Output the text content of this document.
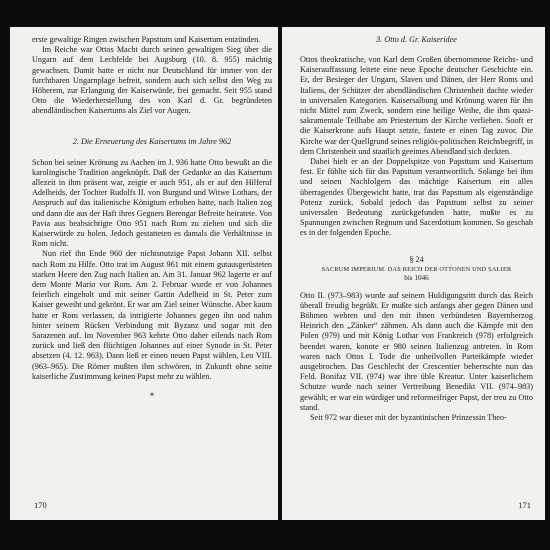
erste gewaltige Ringen zwischen Papsttum und Kaisertum entzünden.

Im Reiche war Ottos Macht durch seinen gewaltigen Sieg über die Ungarn auf dem Lechfelde bei Augsburg (10. 8. 955) mächtig gewachsen. Damit hatte er nicht nur Deutschland für immer von der furchtbaren Ungarnplage befreit, sondern auch sich selbst den Weg zu Höherem, zur Erlangung der Kaiserwürde, frei gemacht. Seit 955 stand Otto die Wiederherstellung des von Karl d. Gr. begründeten abendländischen Kaisertums als Ziel vor Augen.

2. Die Erneuerung des Kaisertums im Jahre 962

Schon bei seiner Krönung zu Aachen im J. 936 hatte Otto bewußt an die karolingische Tradition angeknüpft. Daß der Gedanke an das Kaisertum allezeit in ihm präsent war, zeigte er auch 951, als er auf den Hilferuf Adelheids, der Tochter Rudolfs II. von Burgund und Witwe Lothars, der Anspruch auf das italienische Königtum erhoben hatte, nach Italien zog und dann die aus der Haft ihres Gegners Berengar Befreite heiratete. Von Pavia aus beabsichtigte Otto 951 nach Rom zu ziehen und sich die Kaiserwürde zu holen. Jedoch gestatteten es damals die Verhältnisse in Rom nicht.

Nun rief ihn Ende 960 der nichtsnutzige Papst Johann XII. selbst nach Rom zu Hilfe. Otto trat im August 961 mit einem gutausgerüsteten starken Heere den Zug nach Italien an. Am 31. Januar 962 lagerte er auf dem Monte Mario vor Rom. Am 2. Februar wurde er von Johannes feierlich eingeholt und mit seiner Gattin Adelheid in St. Peter zum Kaiser geweiht und gekrönt. Er war am Ziel seiner Wünsche. Aber kaum hatte er Rom verlassen, da intrigierte Johannes gegen ihn und nahm hinter seinem Rücken Verbindung mit Byzanz und sogar mit den Sarazenen auf. Im November 963 kehrte Otto daher eilends nach Rom zurück und ließ den flüchtigen Johannes auf einer Synode in St. Peter absetzen (4. 12. 963). Dann ließ er einen neuen Papst wählen, Leo VIII. (963–965). Die Römer mußten ihm schwören, in Zukunft ohne seine kaiserliche Zustimmung keinen Papst mehr zu wählen.

*

170

3. Otto d. Gr. Kaiseridee

Ottos theokratische, von Karl dem Großen übernommene Reichs- und Kaiserauffassung leitete eine neue Epoche deutscher Geschichte ein. Er, der Besieger der Ungarn, Slaven und Dänen, der Herr Roms und Italiens, der Schützer der abendländischen Christenheit dachte wieder in universalen Kategorien. Kaisersalbung und Krönung waren für ihn nicht Mittel zum Zweck, sondern eine heilige Weihe, die ihm quasi-sakramentale Teilhabe am Priestertum der Kirche verliehen. Sooft er die Kaiserkrone aufs Haupt setzte, fastete er einen Tag zuvor. Die Kirche war der Quellgrund seines religiös-politischen Reichsbegriff, in dem Christenheit und staatlich geeintes Abendland sich deckten.

Dabei hielt er an der Doppelspitze von Papsttum und Kaisertum fest. Er fühlte sich für das Papsttum verantwortlich. Solange bei ihm und seinen Nachfolgern das mächtige Kaisertum ein alles überragendes Übergewicht hatte, trat das Papsttum als eigenständige Potenz zurück. Sobald jedoch das Papsttum selbst zu seiner universalen Bedeutung zurückgefunden hatte, mußte es zu Spannungen zwischen Regnum und Sacerdotium kommen. So geschah es in der folgenden Epoche.

§ 24

SACRUM IMPERIUM. DAS REICH DER OTTONEN UND SALIER

bis 1046

Otto II. (973–983) wurde auf seinem Huldigungsritt durch das Reich überall freudig begrüßt. Er mußte sich anfangs aber gegen Dänen und Böhmen wehren und den mit ihnen verbündeten Bayernherzog Heinrich den „Zänker“ zähmen. Als dann auch die Kämpfe mit den Polen (979) und mit König Lothar von Frankreich (978) erfolgreich beendet waren, konnte er 980 seinen Italienzug antreten. In Rom waren nach Ottos I. Tode die unheilvollen Parteikämpfe wieder ausgebrochen. Das Geschlecht der Crescentier beherrschte nun das Feld. Bonifaz VII. (974) war ihre üble Kreatur. Unter kaiserlichem Schutze wurde nach seiner Vertreibung Benedikt VII. (974–983) gewählt; er war ein würdiger und reformeifriger Papst, der treu zu Otto stand.

Seit 972 war dieser mit der byzantinischen Prinzessin Theo-

171
